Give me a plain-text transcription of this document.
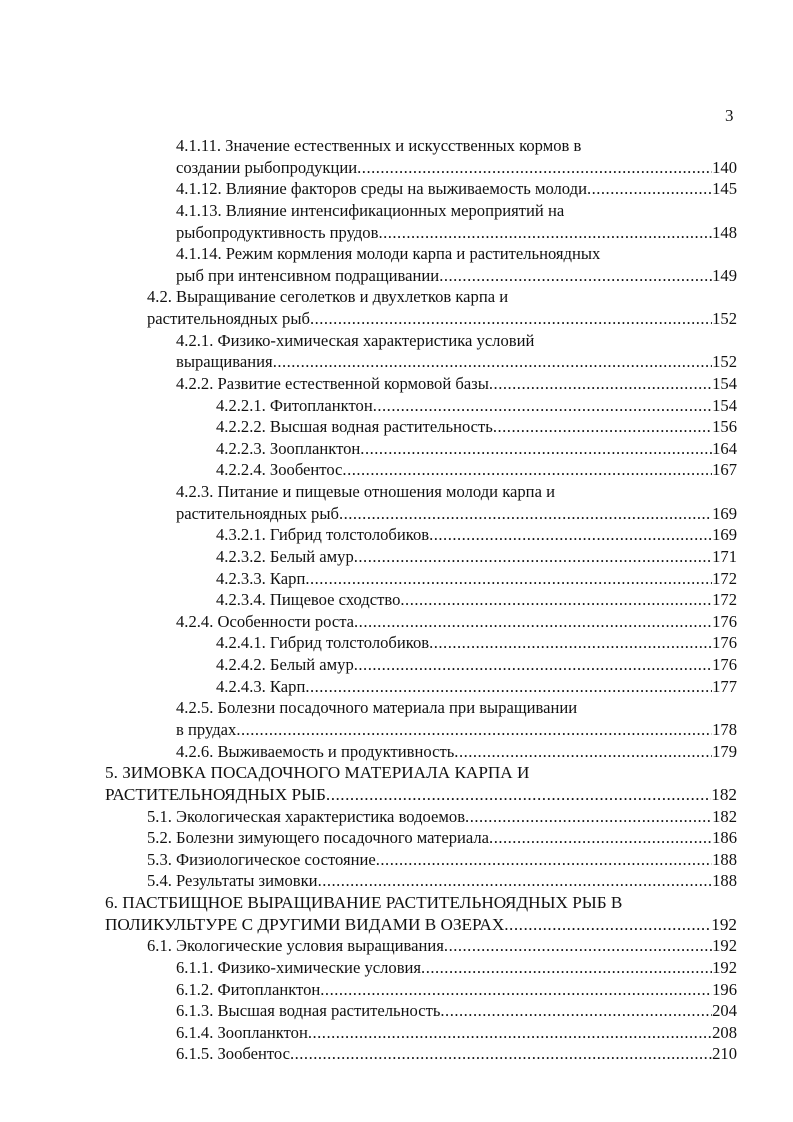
3
4.1.11. Значение естественных и искусственных кормов в
создании рыбопродукции .....	140
4.1.12. Влияние факторов среды на выживаемость молоди .....	145
4.1.13. Влияние интенсификационных мероприятий на
рыбопродуктивность прудов .....	148
4.1.14. Режим кормления молоди карпа и растительноядных
рыб при интенсивном подращивании .....	149
4.2. Выращивание сеголетков и двухлетков карпа и
растительноядных рыб .....	152
4.2.1. Физико-химическая характеристика условий
выращивания .....	152
4.2.2. Развитие естественной кормовой базы .....	154
4.2.2.1. Фитопланктон .....	154
4.2.2.2. Высшая водная растительность .....	156
4.2.2.3. Зоопланктон .....	164
4.2.2.4. Зообентос .....	167
4.2.3. Питание и пищевые отношения молоди карпа и
растительноядных рыб .....	169
4.3.2.1. Гибрид толстолобиков .....	169
4.2.3.2. Белый амур .....	171
4.2.3.3. Карп .....	172
4.2.3.4. Пищевое сходство .....	172
4.2.4. Особенности роста .....	176
4.2.4.1. Гибрид толстолобиков .....	176
4.2.4.2. Белый амур .....	176
4.2.4.3. Карп .....	177
4.2.5. Болезни посадочного материала при выращивании
в прудах .....	178
4.2.6. Выживаемость и продуктивность .....	179
5. ЗИМОВКА ПОСАДОЧНОГО МАТЕРИАЛА КАРПА И
РАСТИТЕЛЬНОЯДНЫХ РЫБ .....	182
5.1. Экологическая характеристика водоемов .....	182
5.2. Болезни зимующего посадочного материала .....	186
5.3. Физиологическое состояние .....	188
5.4. Результаты зимовки .....	188
6. ПАСТБИЩНОЕ ВЫРАЩИВАНИЕ РАСТИТЕЛЬНОЯДНЫХ РЫБ В
ПОЛИКУЛЬТУРЕ С ДРУГИМИ ВИДАМИ В ОЗЕРАХ .....	192
6.1. Экологические условия выращивания .....	192
6.1.1. Физико-химические условия .....	192
6.1.2. Фитопланктон .....	196
6.1.3. Высшая водная растительность .....	204
6.1.4. Зоопланктон .....	208
6.1.5. Зообентос .....	210
